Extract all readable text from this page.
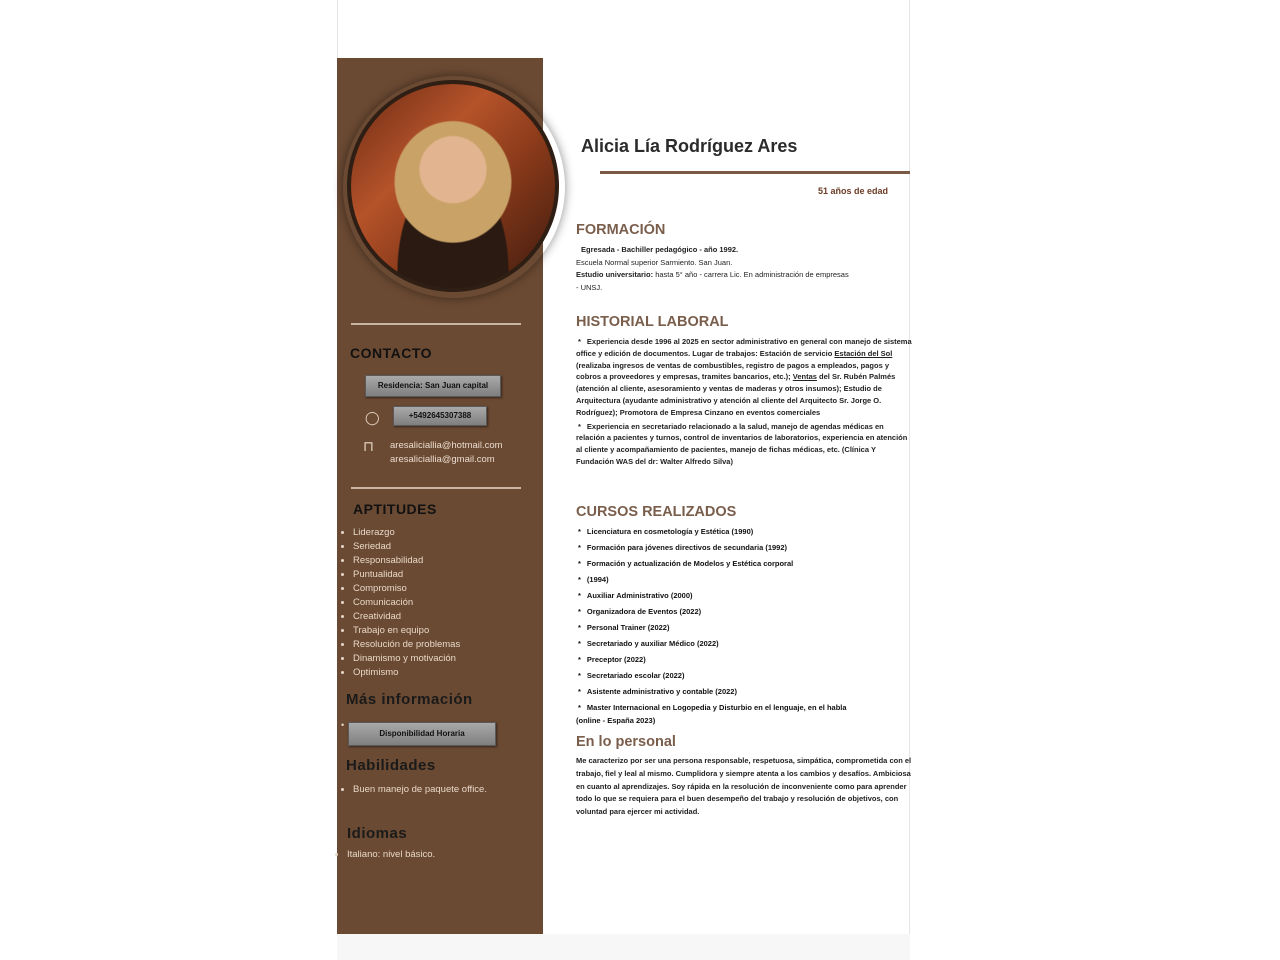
CONTACTO
Residencia: San Juan capital
◯	+5492645307388
⊓ aresaliciallia@hotmail.com
aresaliciallia@gmail.com
APTITUDES
• Liderazgo
• Seriedad
• Responsabilidad
• Puntualidad
• Compromiso
• Comunicación
• Creatividad
• Trabajo en equipo
• Resolución de problemas
• Dinamismo y motivación
• Optimismo
Más información
•
Disponibilidad Horaria
Habilidades
• Buen manejo de paquete office.
Idiomas
• Italiano: nivel básico.
Alicia Lía Rodríguez Ares
51 años de edad
FORMACIÓN
Egresada - Bachiller pedagógico - año 1992.
Escuela Normal superior Sarmiento. San Juan.
Estudio universitario: hasta 5° año - carrera Lic. En administración de empresas
- UNSJ.
HISTORIAL LABORAL
* Experiencia desde 1996 al 2025 en sector administrativo en general con manejo de sistema office y edición de documentos. Lugar de trabajos: Estación de servicio Estación del Sol (realizaba ingresos de ventas de combustibles, registro de pagos a empleados, pagos y cobros a proveedores y empresas, tramites bancarios, etc.); Ventas del Sr. Rubén Palmés (atención al cliente, asesoramiento y ventas de maderas y otros insumos); Estudio de Arquitectura (ayudante administrativo y atención al cliente del Arquitecto Sr. Jorge O. Rodríguez); Promotora de Empresa Cinzano en eventos comerciales
* Experiencia en secretariado relacionado a la salud, manejo de agendas médicas en relación a pacientes y turnos, control de inventarios de laboratorios, experiencia en atención al cliente y acompañamiento de pacientes, manejo de fichas médicas, etc. (Clínica Y Fundación WAS del dr: Walter Alfredo Silva)
CURSOS REALIZADOS
* Licenciatura en cosmetología y Estética (1990)
* Formación para jóvenes directivos de secundaria (1992)
* Formación y actualización de Modelos y Estética corporal
* (1994)
* Auxiliar Administrativo (2000)
* Organizadora de Eventos (2022)
* Personal Trainer (2022)
* Secretariado y auxiliar Médico (2022)
* Preceptor (2022)
* Secretariado escolar (2022)
* Asistente administrativo y contable (2022)
* Master Internacional en Logopedia y Disturbio en el lenguaje, en el habla
(online - España 2023)
En lo personal
Me caracterizo por ser una persona responsable, respetuosa, simpática, comprometida con el trabajo, fiel y leal al mismo. Cumplidora y siempre atenta a los cambios y desafíos. Ambiciosa en cuanto al aprendizajes. Soy rápida en la resolución de inconveniente como para aprender todo lo que se requiera para el buen desempeño del trabajo y resolución de objetivos, con voluntad para ejercer mi actividad.
